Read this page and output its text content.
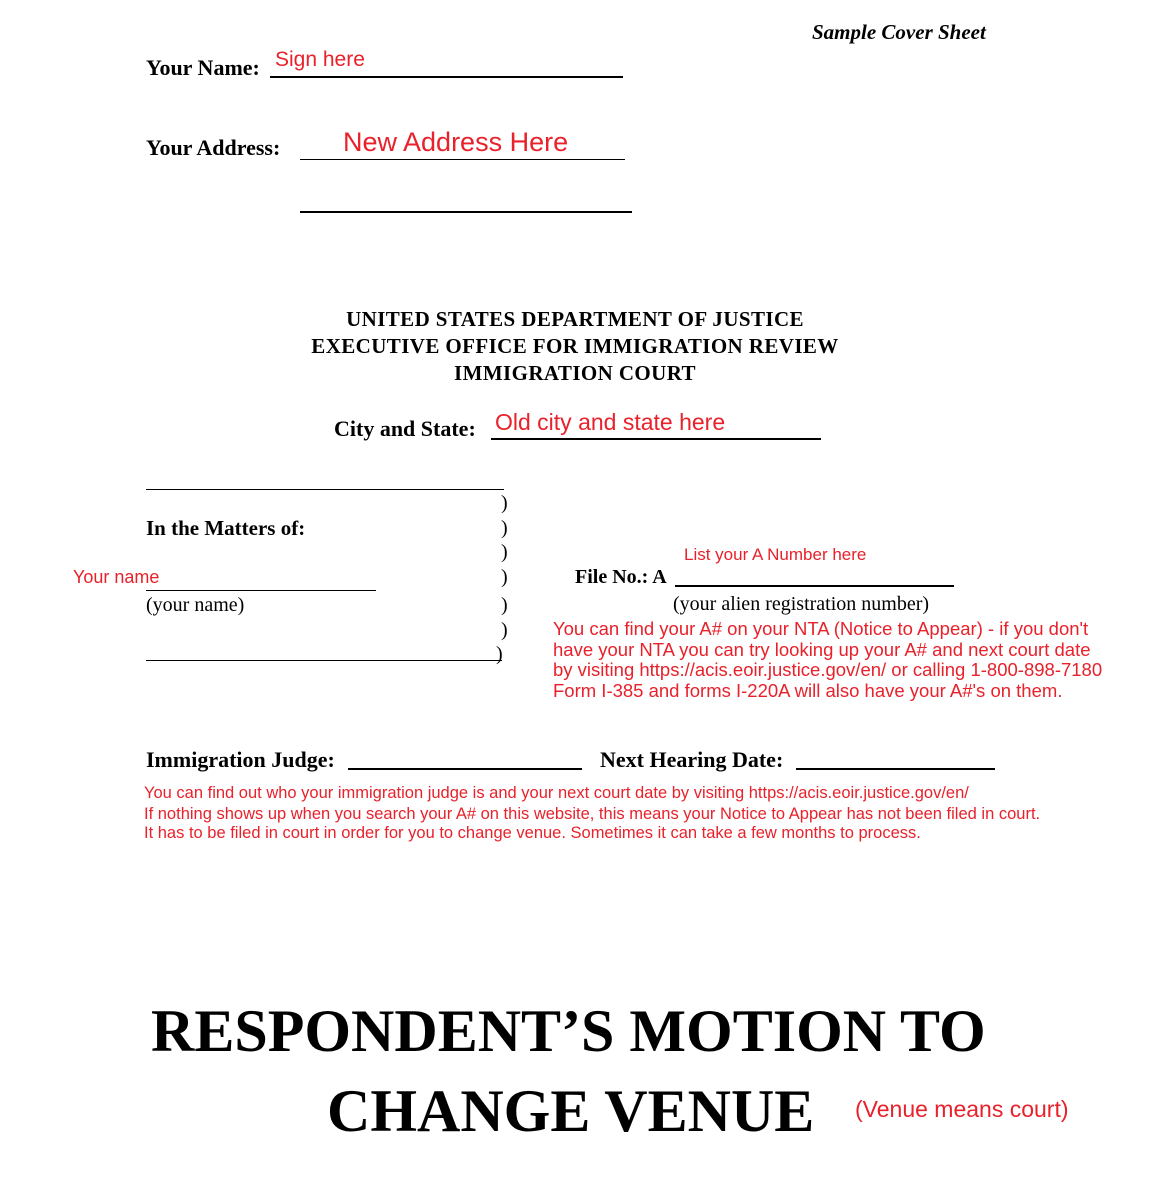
Sample Cover Sheet
Your Name: Sign here
Your Address: New Address Here
UNITED STATES DEPARTMENT OF JUSTICE
EXECUTIVE OFFICE FOR IMMIGRATION REVIEW
IMMIGRATION COURT
City and State: Old city and state here
In the Matters of:
Your name
(your name)
)
)
)
)
)
)
)
List your A Number here
File No.: A
(your alien registration number)
You can find your A# on your NTA (Notice to Appear) - if you don't
have your NTA you can try looking up your A# and next court date
by visiting https://acis.eoir.justice.gov/en/ or calling 1-800-898-7180
Form I-385 and forms I-220A will also have your A#'s on them.
Immigration Judge:	Next Hearing Date:
You can find out who your immigration judge is and your next court date by visiting https://acis.eoir.justice.gov/en/
If nothing shows up when you search your A# on this website, this means your Notice to Appear has not been filed in court.
It has to be filed in court in order for you to change venue. Sometimes it can take a few months to process.
RESPONDENT’S MOTION TO
CHANGE VENUE (Venue means court)
